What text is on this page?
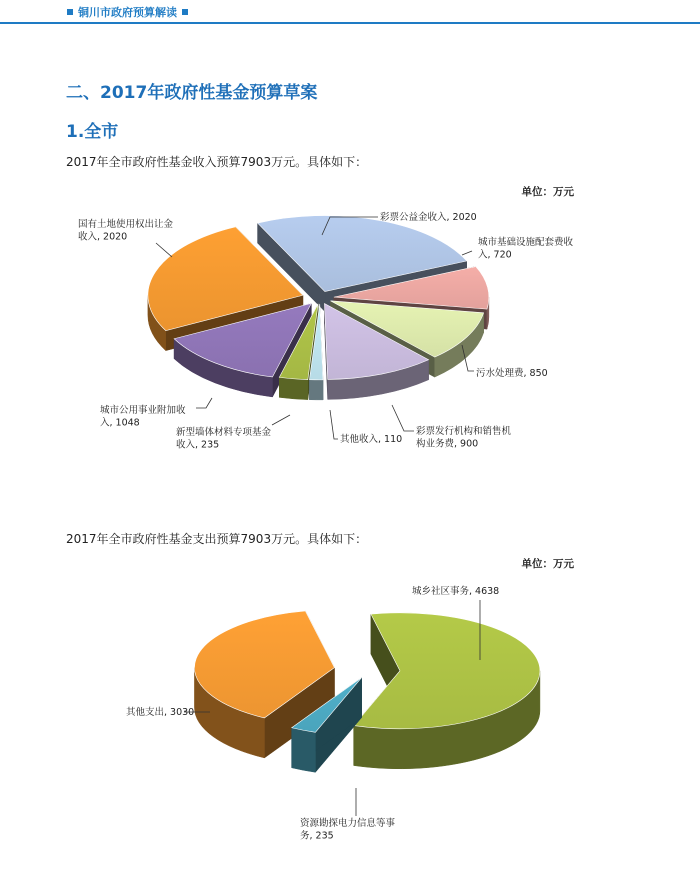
铜川市政府预算解读
二、2017年政府性基金预算草案
1.全市
2017年全市政府性基金收入预算7903万元。具体如下：
单位：万元
彩票公益金收入, 2020
城市基础设施配套费收
入, 720
污水处理费, 850
彩票发行机构和销售机
构业务费, 900
其他收入, 110
新型墙体材料专项基金
收入, 235
城市公用事业附加收
入, 1048
国有土地使用权出让金
收入, 2020
2017年全市政府性基金支出预算7903万元。具体如下：
单位：万元
城乡社区事务, 4638
资源勘探电力信息等事
务, 235
其他支出, 3030
